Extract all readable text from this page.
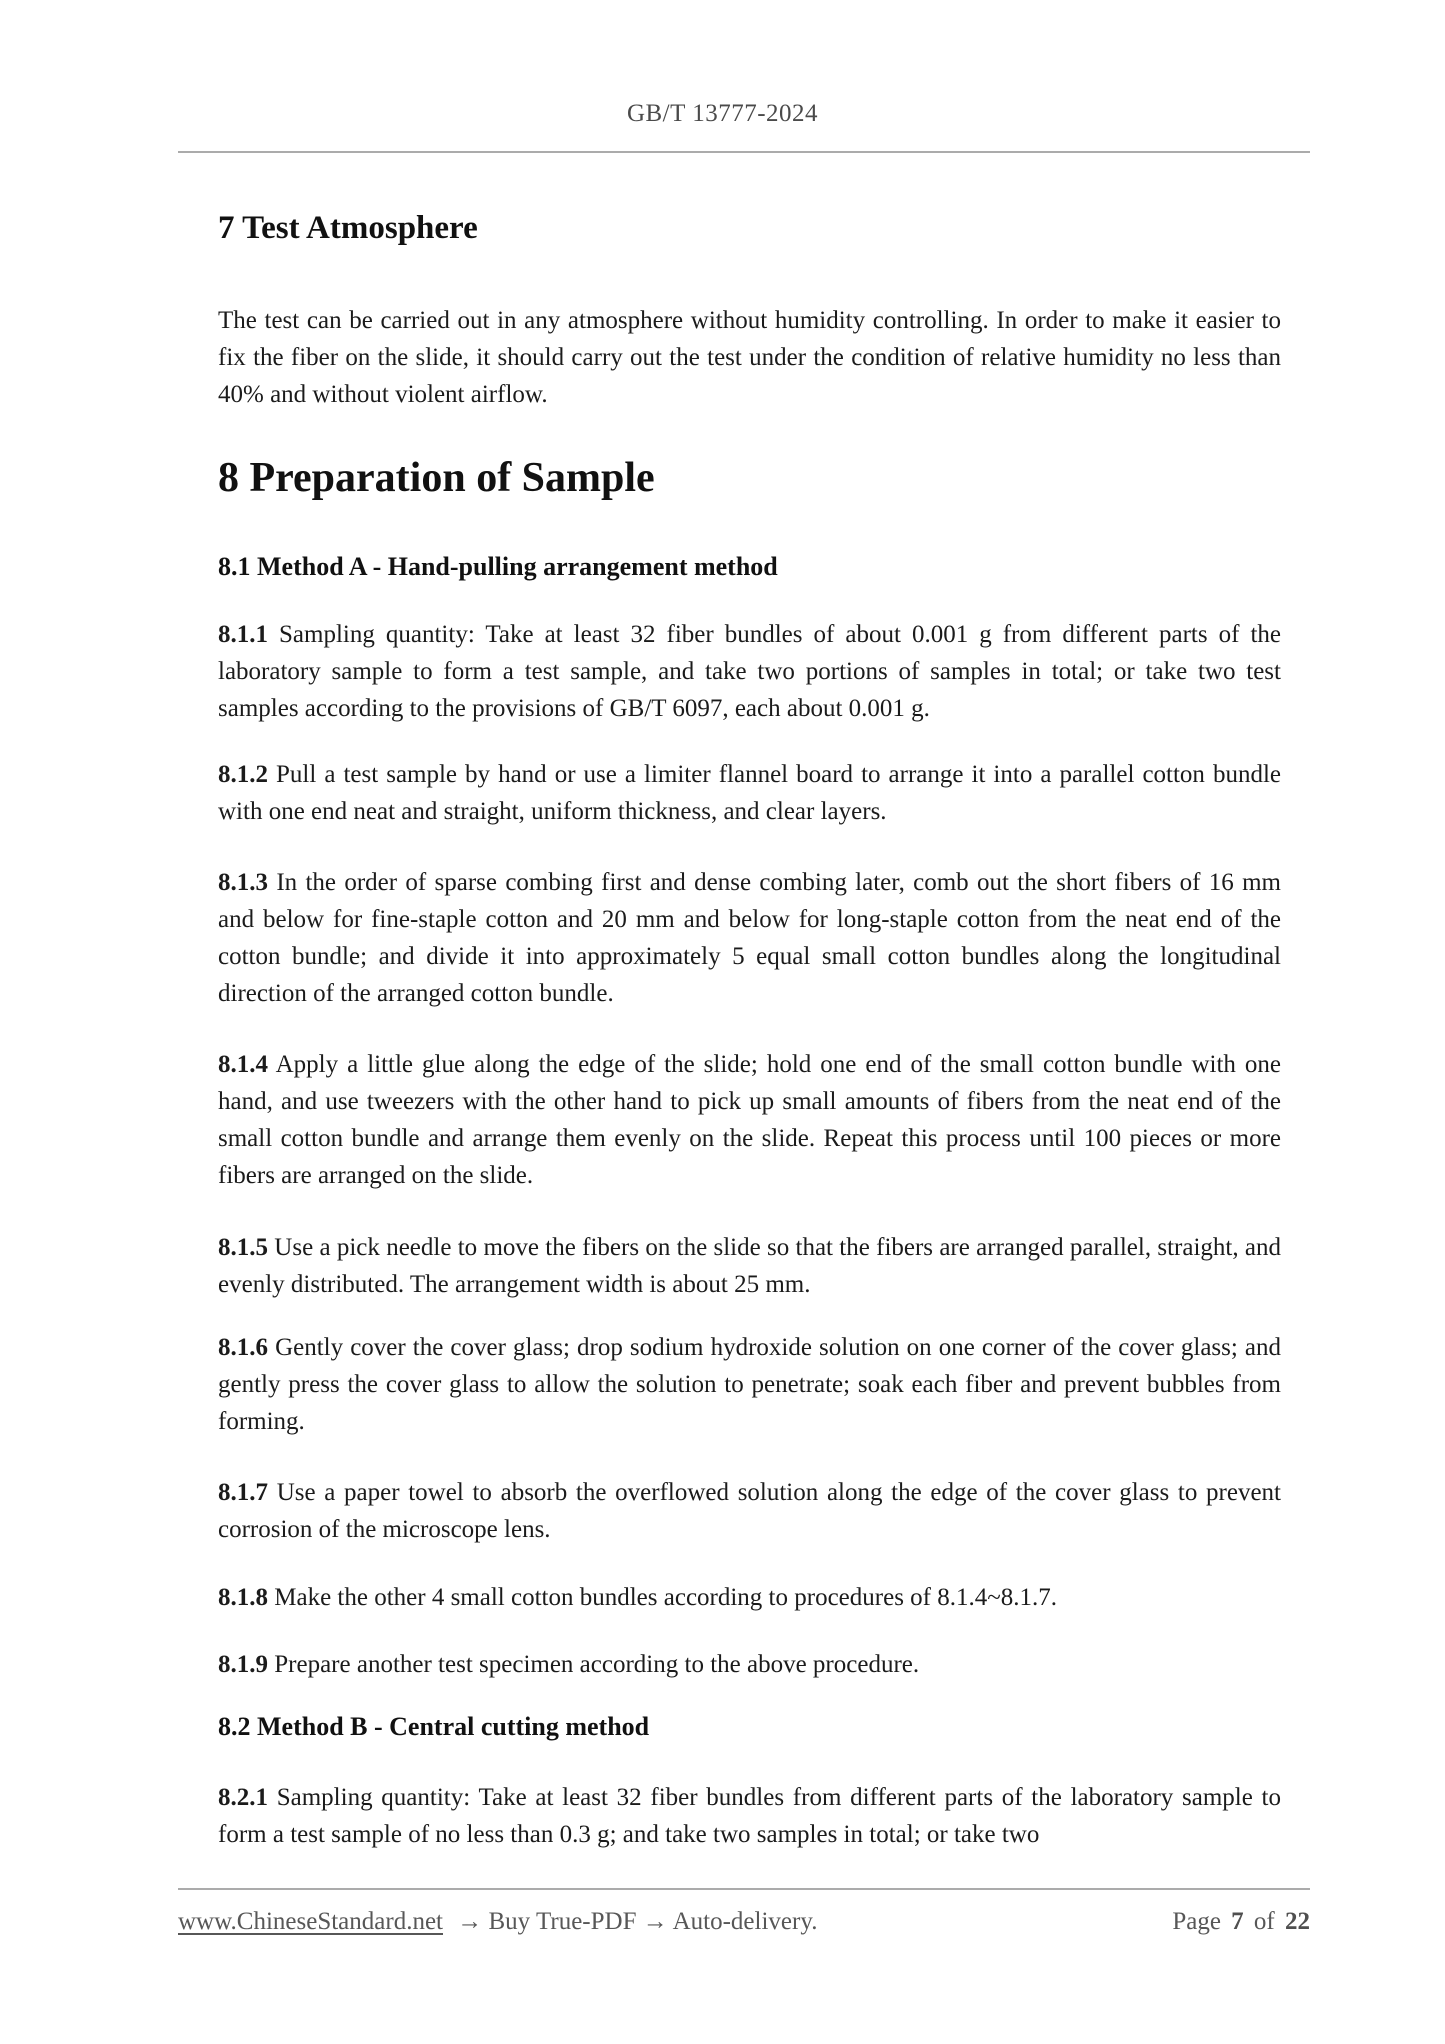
GB/T 13777-2024
7 Test Atmosphere

The test can be carried out in any atmosphere without humidity controlling. In order to make it easier to fix the fiber on the slide, it should carry out the test under the condition of relative humidity no less than 40% and without violent airflow.

8 Preparation of Sample
8.1 Method A - Hand-pulling arrangement method

8.1.1 Sampling quantity: Take at least 32 fiber bundles of about 0.001 g from different parts of the laboratory sample to form a test sample, and take two portions of samples in total; or take two test samples according to the provisions of GB/T 6097, each about 0.001 g.

8.1.2 Pull a test sample by hand or use a limiter flannel board to arrange it into a parallel cotton bundle with one end neat and straight, uniform thickness, and clear layers.

8.1.3 In the order of sparse combing first and dense combing later, comb out the short fibers of 16 mm and below for fine-staple cotton and 20 mm and below for long-staple cotton from the neat end of the cotton bundle; and divide it into approximately 5 equal small cotton bundles along the longitudinal direction of the arranged cotton bundle.

8.1.4 Apply a little glue along the edge of the slide; hold one end of the small cotton bundle with one hand, and use tweezers with the other hand to pick up small amounts of fibers from the neat end of the small cotton bundle and arrange them evenly on the slide. Repeat this process until 100 pieces or more fibers are arranged on the slide.

8.1.5 Use a pick needle to move the fibers on the slide so that the fibers are arranged parallel, straight, and evenly distributed. The arrangement width is about 25 mm.

8.1.6 Gently cover the cover glass; drop sodium hydroxide solution on one corner of the cover glass; and gently press the cover glass to allow the solution to penetrate; soak each fiber and prevent bubbles from forming.

8.1.7 Use a paper towel to absorb the overflowed solution along the edge of the cover glass to prevent corrosion of the microscope lens.

8.1.8 Make the other 4 small cotton bundles according to procedures of 8.1.4~8.1.7.

8.1.9 Prepare another test specimen according to the above procedure.

8.2 Method B - Central cutting method

8.2.1 Sampling quantity: Take at least 32 fiber bundles from different parts of the laboratory sample to form a test sample of no less than 0.3 g; and take two samples in total; or take two

www.ChineseStandard.net → Buy True-PDF → Auto-delivery.	Page 7 of 22
